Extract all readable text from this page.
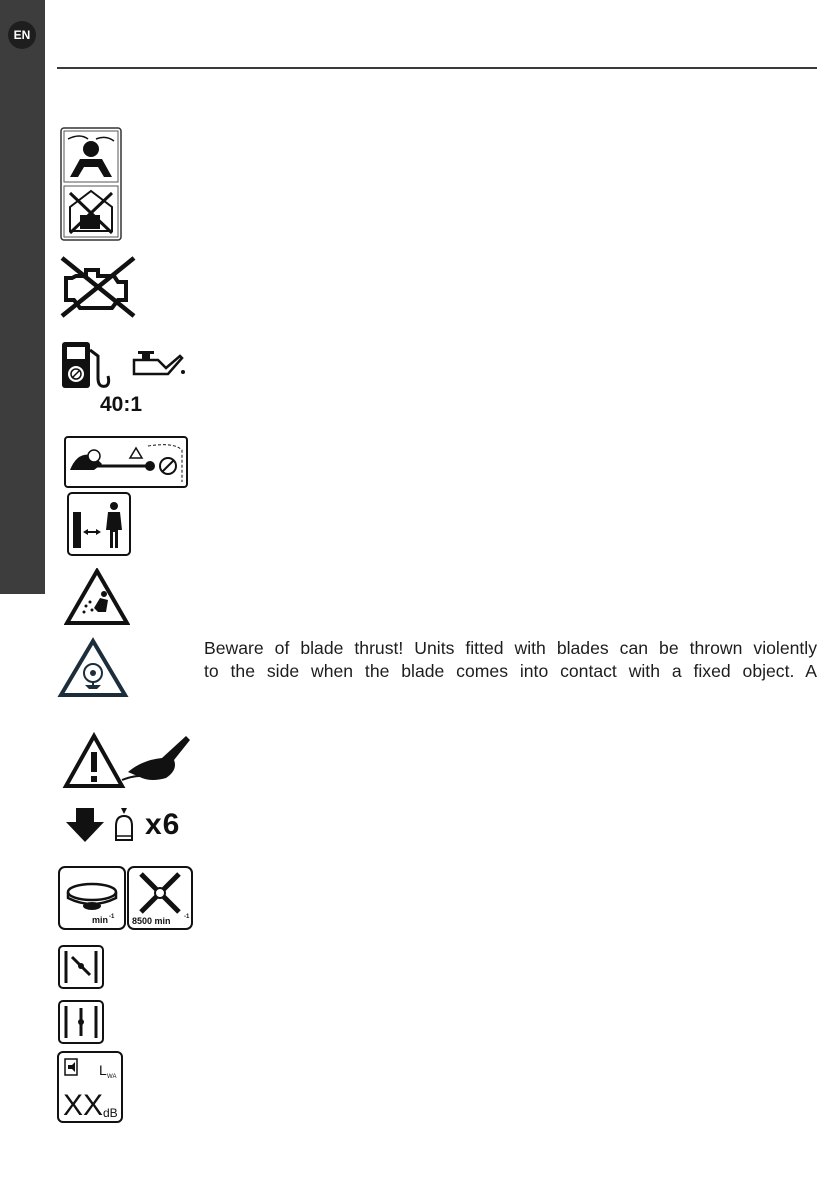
EN
40:1
Beware of blade thrust! Units fitted with blades can be thrown violently
to the side when the blade comes into contact with a fixed object. A
x6
min -1 8500 min -1
L WA
XX dB
